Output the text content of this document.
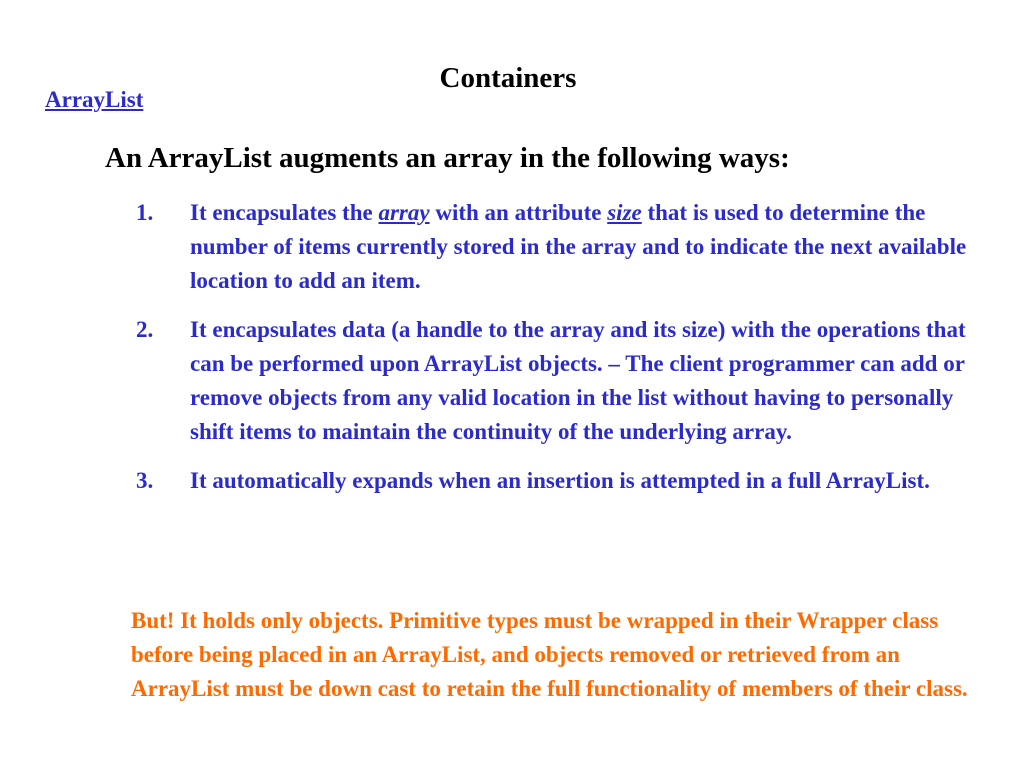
Containers
ArrayList

An ArrayList augments an array in the following ways:

1. It encapsulates the array with an attribute size that is used to determine the number of items currently stored in the array and to indicate the next available location to add an item.
2. It encapsulates data (a handle to the array and its size) with the operations that can be performed upon ArrayList objects. – The client programmer can add or remove objects from any valid location in the list without having to personally shift items to maintain the continuity of the underlying array.
3. It automatically expands when an insertion is attempted in a full ArrayList.

But! It holds only objects. Primitive types must be wrapped in their Wrapper class before being placed in an ArrayList, and objects removed or retrieved from an ArrayList must be down cast to retain the full functionality of members of their class.
